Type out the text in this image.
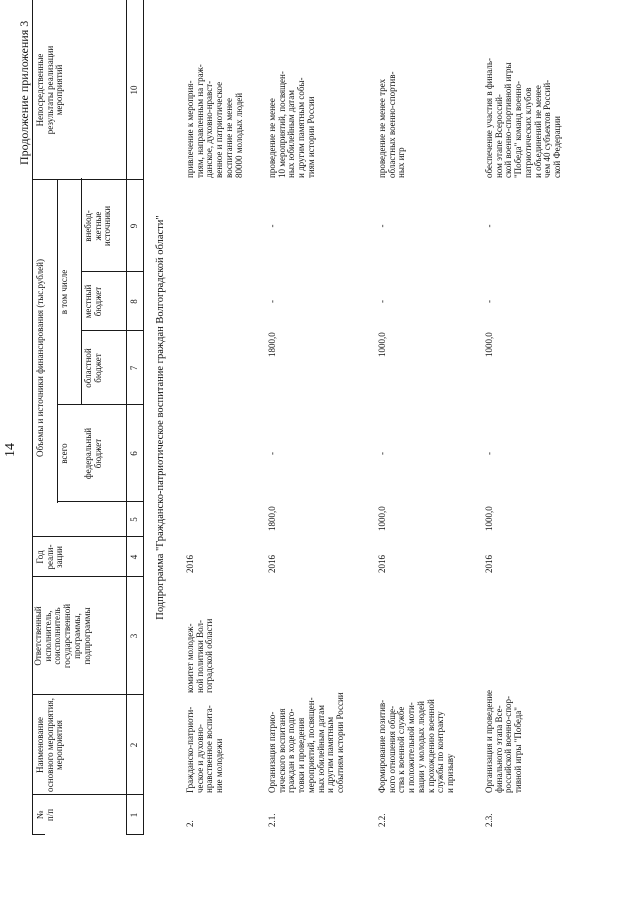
14
Продолжение приложения 3
№
п/п
Наименование
основного мероприятия,
мероприятия
Ответственный
исполнитель,
соисполнитель
государственной
программы,
подпрограммы
Год
реали-
зации
Объемы и источники финансирования (тыс.рублей) всего
в том числе
федеральный
бюджет
областной
бюджет
местный
бюджет
внебюд-
жетные
источники
Непосредственные
результаты реализации
мероприятий
1
2
3
4
5
6
7
8
9
10
Подпрограмма "Гражданско-патриотическое воспитание граждан Волгоградской области"
2.
Гражданско-патриоти-
ческое и духовно-
нравственное воспита-
ние молодежи
комитет молодеж-
ной политики Вол-
гоградской области
2016
привлечение к мероприя-
тиям, направленным на граж-
данское, духовно-нравст-
венное и патриотическое
воспитание не менее
80000 молодых людей
2.1.
Организация патрио-
тического воспитания
граждан в ходе подго-
товки и проведения
мероприятий, посвящен-
ных юбилейным датам
и другим памятным
событиям истории России
2016
1800,0
-
1800,0
-
-
проведение не менее
10 мероприятий, посвящен-
ных юбилейным датам
и другим памятным собы-
тиям истории России
2.2.
Формирование позитив-
ного отношения обще-
ства к военной службе
и положительной моти-
вации у молодых людей
к прохождению военной
службы по контракту
и призыву
2016
1000,0
-
1000,0
-
-
проведение не менее трех
областных военно-спортив-
ных игр
2.3.
Организация и проведение
финального этапа Все-
российской военно-спор-
тивной игры "Победа"
2016
1000,0
-
1000,0
-
-
обеспечение участия в финаль-
ном этапе Всероссий-
ской военно-спортивной игры
"Победа" команд военно-
патриотических клубов
и объединений не менее
чем 40 субъектов Россий-
ской Федерации
